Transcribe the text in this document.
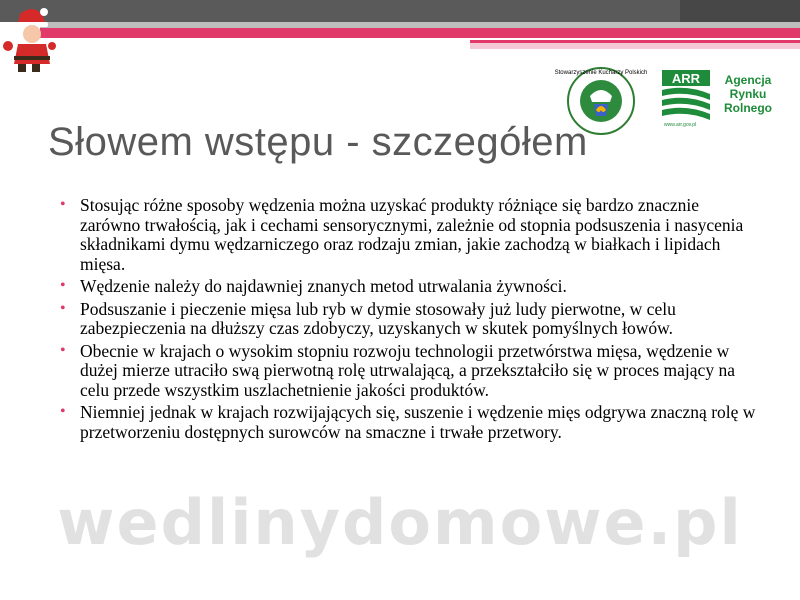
Stowarzyszenie Kucharzy Polskich ARR
www.arr.gov.pl
Agencja
Rynku
Rolnego
Słowem wstępu - szczegółem

wedlinydomowe.pl

• Stosując różne sposoby wędzenia można uzyskać produkty różniące się bardzo znacznie zarówno trwałością, jak i cechami sensorycznymi, zależnie od stopnia podsuszenia i nasycenia składnikami dymu wędzarniczego oraz rodzaju zmian, jakie zachodzą w białkach i lipidach mięsa.
• Wędzenie należy do najdawniej znanych metod utrwalania żywności.
• Podsuszanie i pieczenie mięsa lub ryb w dymie stosowały już ludy pierwotne, w celu zabezpieczenia na dłuższy czas zdobyczy, uzyskanych w skutek pomyślnych łowów.
• Obecnie w krajach o wysokim stopniu rozwoju technologii przetwórstwa mięsa, wędzenie w dużej mierze utraciło swą pierwotną rolę utrwalającą, a przekształciło się w proces mający na celu przede wszystkim uszlachetnienie jakości produktów.
• Niemniej jednak w krajach rozwijających się, suszenie i wędzenie mięs odgrywa znaczną rolę w przetworzeniu dostępnych surowców na smaczne i trwałe przetwory.
